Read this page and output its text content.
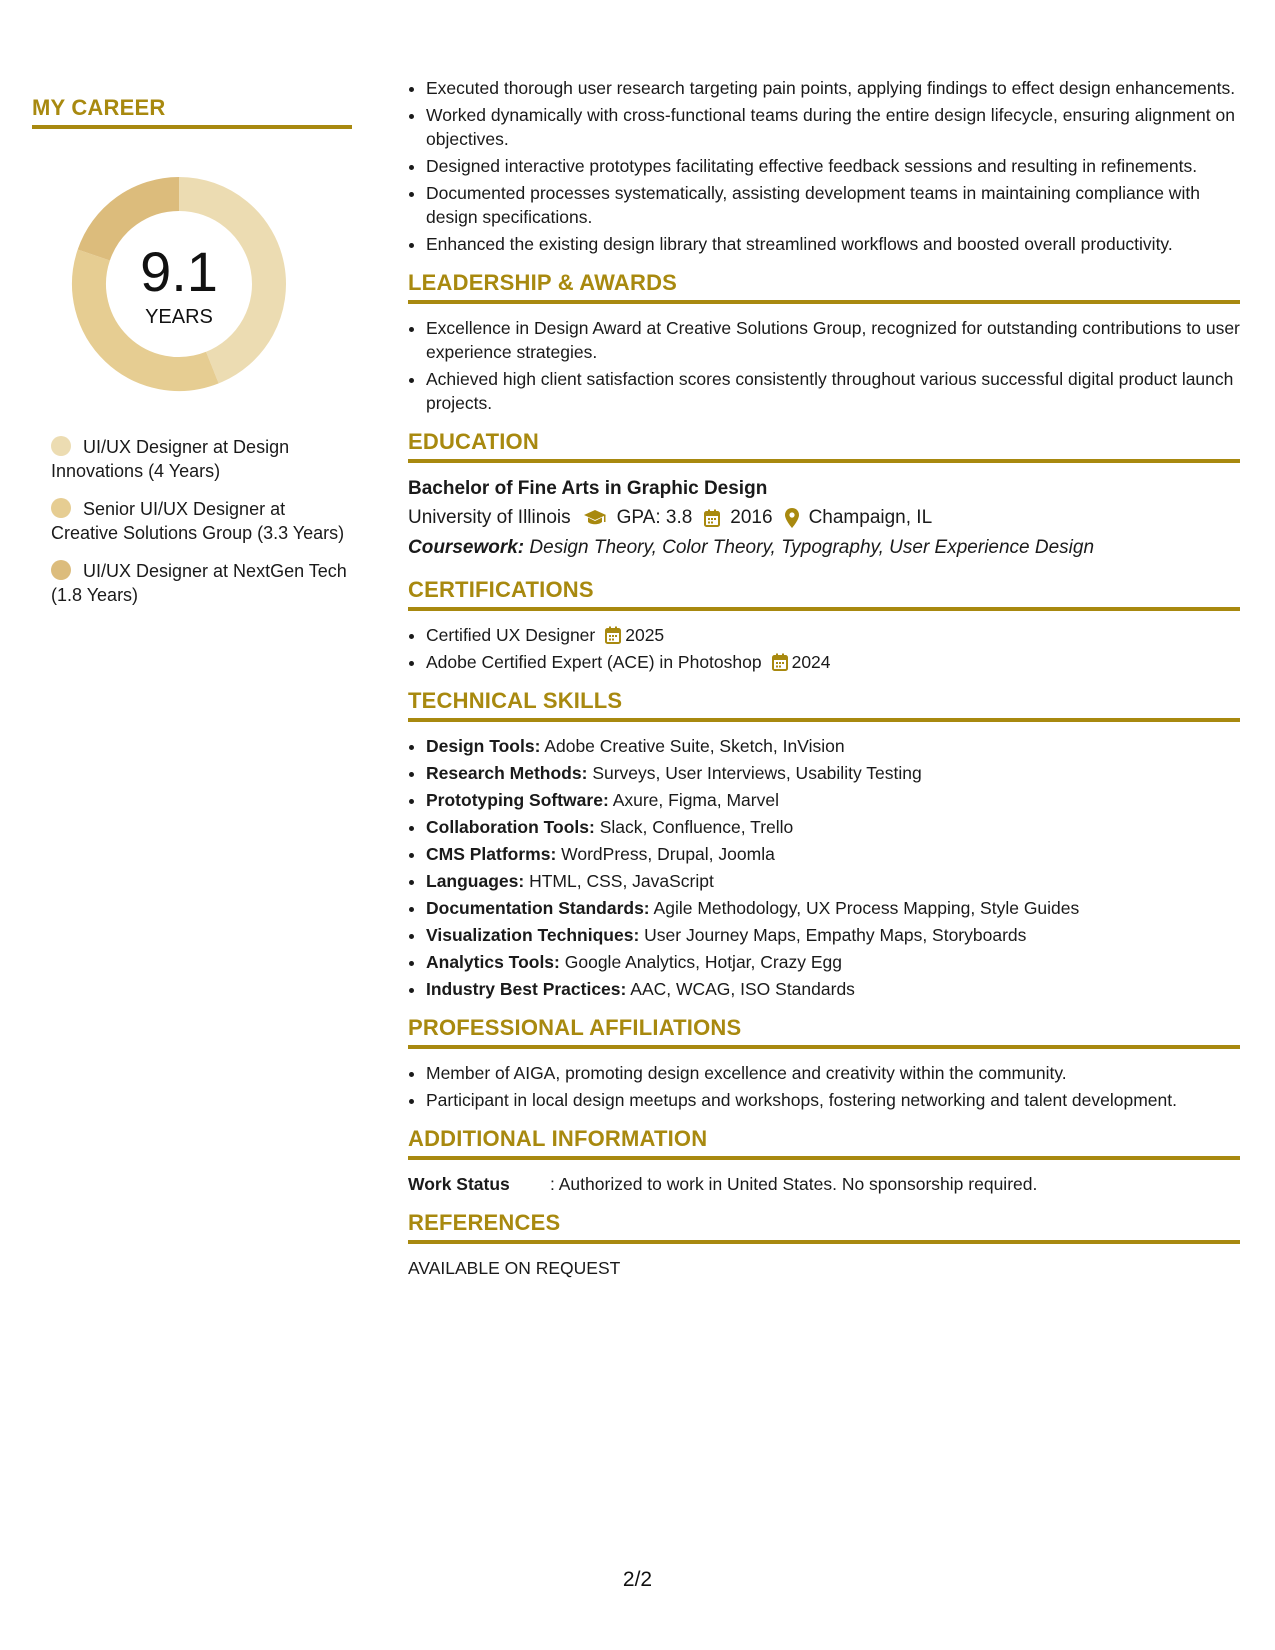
MY CAREER
9.1
YEARS
UI/UX Designer at Design Innovations (4 Years)
Senior UI/UX Designer at Creative Solutions Group (3.3 Years)
UI/UX Designer at NextGen Tech (1.8 Years)
• Executed thorough user research targeting pain points, applying findings to effect design enhancements.
• Worked dynamically with cross-functional teams during the entire design lifecycle, ensuring alignment on objectives.
• Designed interactive prototypes facilitating effective feedback sessions and resulting in refinements.
• Documented processes systematically, assisting development teams in maintaining compliance with design specifications.
• Enhanced the existing design library that streamlined workflows and boosted overall productivity.
LEADERSHIP & AWARDS
• Excellence in Design Award at Creative Solutions Group, recognized for outstanding contributions to user experience strategies.
• Achieved high client satisfaction scores consistently throughout various successful digital product launch projects.
EDUCATION
Bachelor of Fine Arts in Graphic Design
University of Illinois GPA: 3.8 2016 Champaign, IL
Coursework: Design Theory, Color Theory, Typography, User Experience Design
CERTIFICATIONS
• Certified UX Designer 2025
• Adobe Certified Expert (ACE) in Photoshop 2024
TECHNICAL SKILLS
• Design Tools: Adobe Creative Suite, Sketch, InVision
• Research Methods: Surveys, User Interviews, Usability Testing
• Prototyping Software: Axure, Figma, Marvel
• Collaboration Tools: Slack, Confluence, Trello
• CMS Platforms: WordPress, Drupal, Joomla
• Languages: HTML, CSS, JavaScript
• Documentation Standards: Agile Methodology, UX Process Mapping, Style Guides
• Visualization Techniques: User Journey Maps, Empathy Maps, Storyboards
• Analytics Tools: Google Analytics, Hotjar, Crazy Egg
• Industry Best Practices: AAC, WCAG, ISO Standards
PROFESSIONAL AFFILIATIONS
• Member of AIGA, promoting design excellence and creativity within the community.
• Participant in local design meetups and workshops, fostering networking and talent development.
ADDITIONAL INFORMATION
Work Status	: Authorized to work in United States. No sponsorship required.
REFERENCES
AVAILABLE ON REQUEST
2/2
